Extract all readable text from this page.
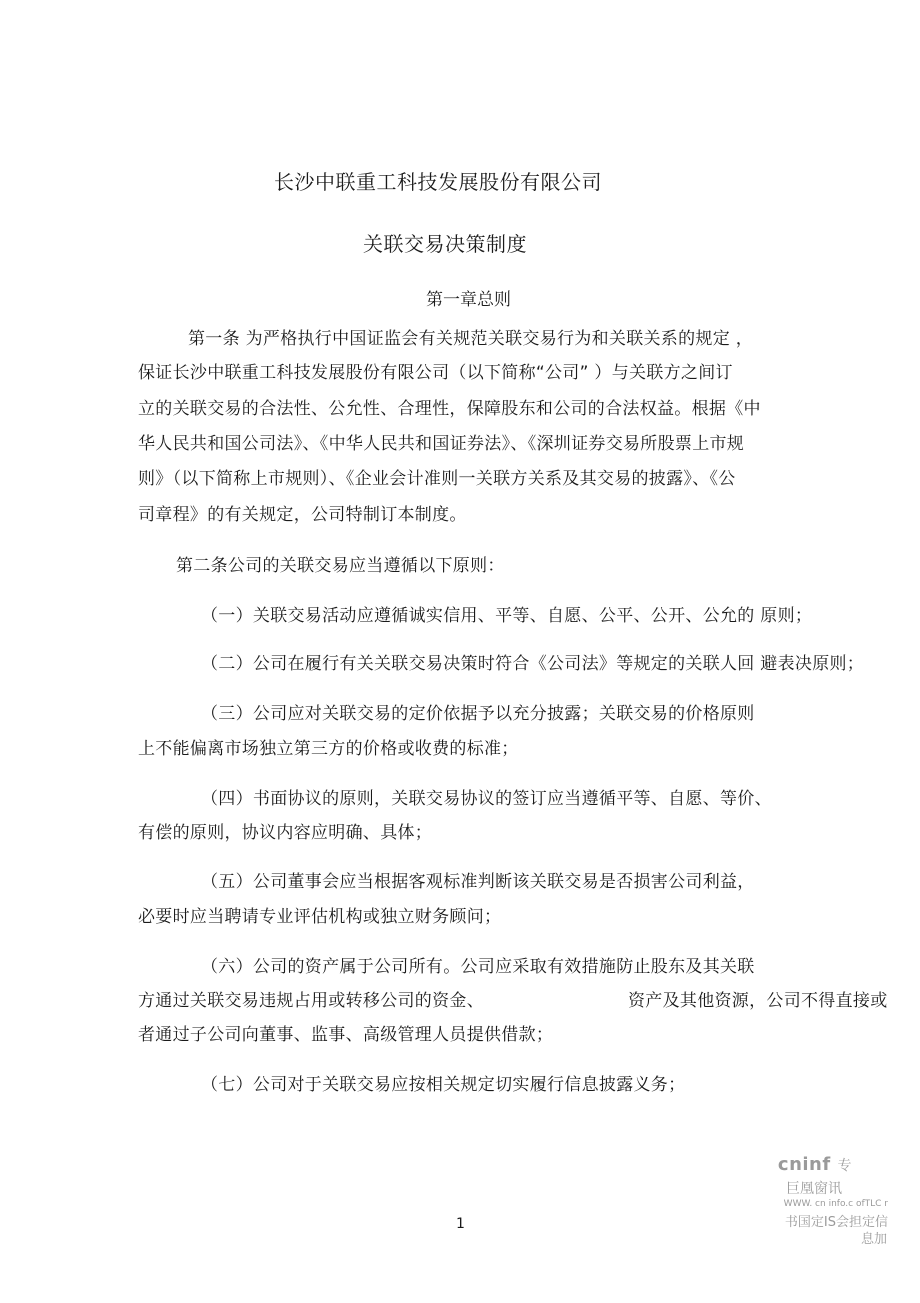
长沙中联重工科技发展股份有限公司
关联交易决策制度
第一章总则
第一条 为严格执行中国证监会有关规范关联交易行为和关联关系的规定 ，
保证长沙中联重工科技发展股份有限公司（以下简称“公司” ）与关联方之间订
立的关联交易的合法性、公允性、合理性，保障股东和公司的合法权益。根据《中
华人民共和国公司法》、《中华人民共和国证券法》、《深圳证券交易所股票上市规
则》（以下简称上市规则）、《企业会计准则一关联方关系及其交易的披露》、《公
司章程》的有关规定，公司特制订本制度。
第二条公司的关联交易应当遵循以下原则：
（一）关联交易活动应遵循诚实信用、平等、自愿、公平、公开、公允的 原则；
（二）公司在履行有关关联交易决策时符合《公司法》等规定的关联人回 避表决原则；
（三）公司应对关联交易的定价依据予以充分披露；关联交易的价格原则
上不能偏离市场独立第三方的价格或收费的标准；
（四）书面协议的原则，关联交易协议的签订应当遵循平等、自愿、等价、
有偿的原则，协议内容应明确、具体；
（五）公司董事会应当根据客观标准判断该关联交易是否损害公司利益，
必要时应当聘请专业评估机构或独立财务顾问；
（六）公司的资产属于公司所有。公司应采取有效措施防止股东及其关联
方通过关联交易违规占用或转移公司的资金、	资产及其他资源，公司不得直接或
者通过子公司向董事、监事、高级管理人员提供借款；
（七）公司对于关联交易应按相关规定切实履行信息披露义务；
1
cninf 专
巨凰窗讯
WWW. cn info.c ofTLC r
书国定IS会担定信
息加
